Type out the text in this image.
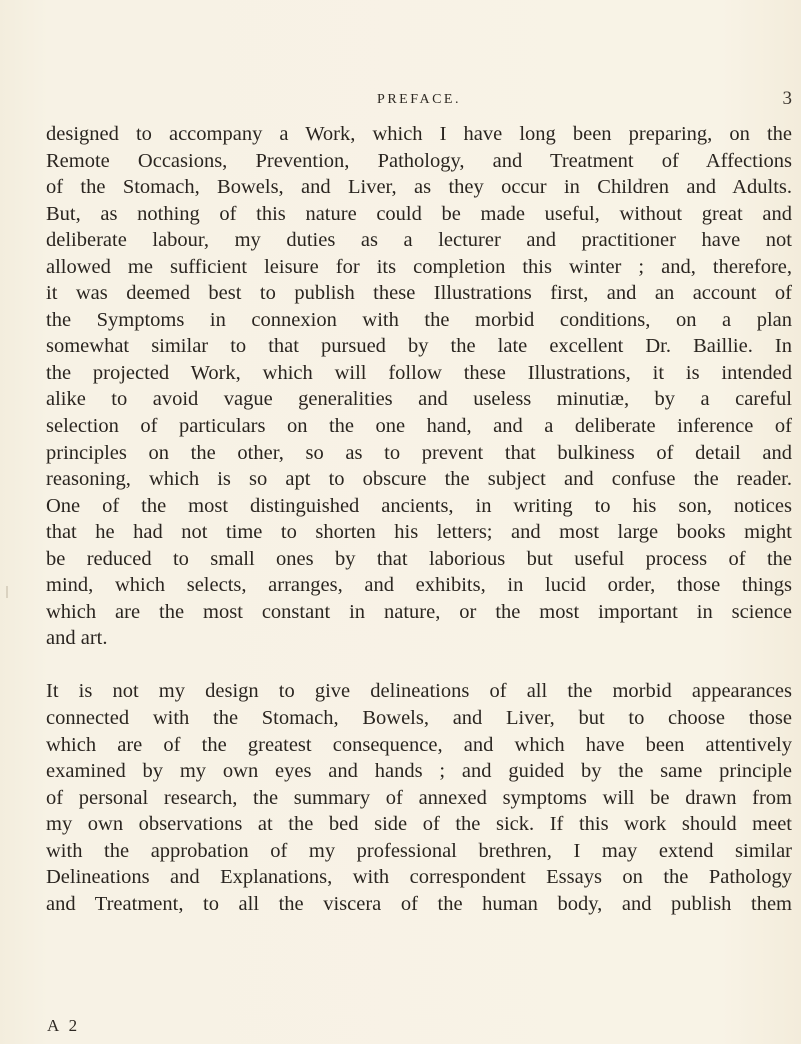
PREFACE.	3
designed to accompany a Work, which I have long been preparing, on the
Remote Occasions, Prevention, Pathology, and Treatment of Affections
of the Stomach, Bowels, and Liver, as they occur in Children and Adults.
But, as nothing of this nature could be made useful, without great and
deliberate labour, my duties as a lecturer and practitioner have not
allowed me sufficient leisure for its completion this winter ; and, therefore,
it was deemed best to publish these Illustrations first, and an account of
the Symptoms in connexion with the morbid conditions, on a plan
somewhat similar to that pursued by the late excellent Dr. Baillie. In
the projected Work, which will follow these Illustrations, it is intended
alike to avoid vague generalities and useless minutiæ, by a careful
selection of particulars on the one hand, and a deliberate inference of
principles on the other, so as to prevent that bulkiness of detail and
reasoning, which is so apt to obscure the subject and confuse the reader.
One of the most distinguished ancients, in writing to his son, notices
that he had not time to shorten his letters; and most large books might
be reduced to small ones by that laborious but useful process of the
mind, which selects, arranges, and exhibits, in lucid order, those things
which are the most constant in nature, or the most important in science
and art.
It is not my design to give delineations of all the morbid appearances
connected with the Stomach, Bowels, and Liver, but to choose those
which are of the greatest consequence, and which have been attentively
examined by my own eyes and hands ; and guided by the same principle
of personal research, the summary of annexed symptoms will be drawn from
my own observations at the bed side of the sick. If this work should meet
with the approbation of my professional brethren, I may extend similar
Delineations and Explanations, with correspondent Essays on the Pathology
and Treatment, to all the viscera of the human body, and publish them
A 2
